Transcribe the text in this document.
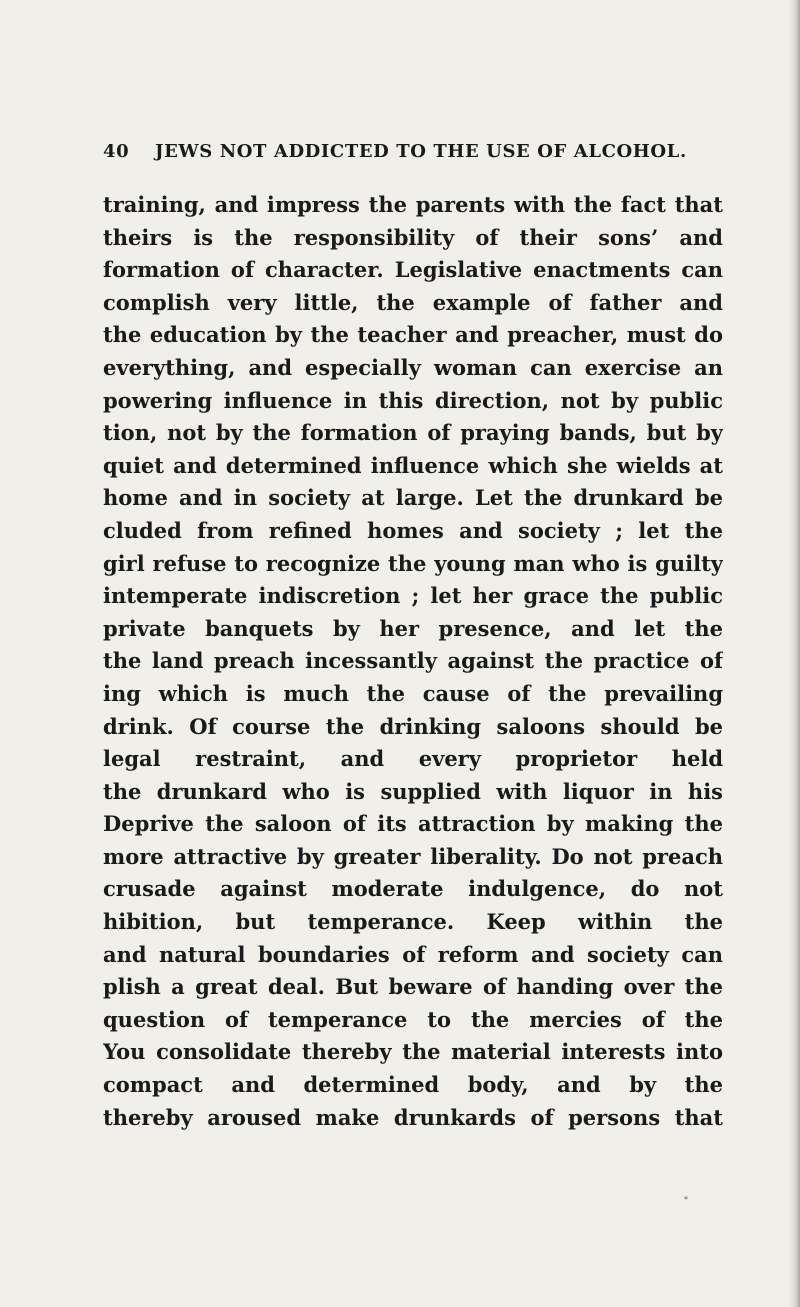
40 JEWS NOT ADDICTED TO THE USE OF ALCOHOL.
training, and impress the parents with the fact that
theirs is the responsibility of their sons’ and
formation of character. Legislative enactments can
complish very little, the example of father and
the education by the teacher and preacher, must do
everything, and especially woman can exercise an
powering influence in this direction, not by public
tion, not by the formation of praying bands, but by
quiet and determined influence which she wields at
home and in society at large. Let the drunkard be
cluded from refined homes and society ; let the
girl refuse to recognize the young man who is guilty
intemperate indiscretion ; let her grace the public
private banquets by her presence, and let the
the land preach incessantly against the practice of
ing which is much the cause of the prevailing
drink. Of course the drinking saloons should be
legal restraint, and every proprietor held
the drunkard who is supplied with liquor in his
Deprive the saloon of its attraction by making the
more attractive by greater liberality. Do not preach
crusade against moderate indulgence, do not
hibition, but temperance. Keep within the
and natural boundaries of reform and society can
plish a great deal. But beware of handing over the
question of temperance to the mercies of the
You consolidate thereby the material interests into
compact and determined body, and by the
thereby aroused make drunkards of persons that
*
